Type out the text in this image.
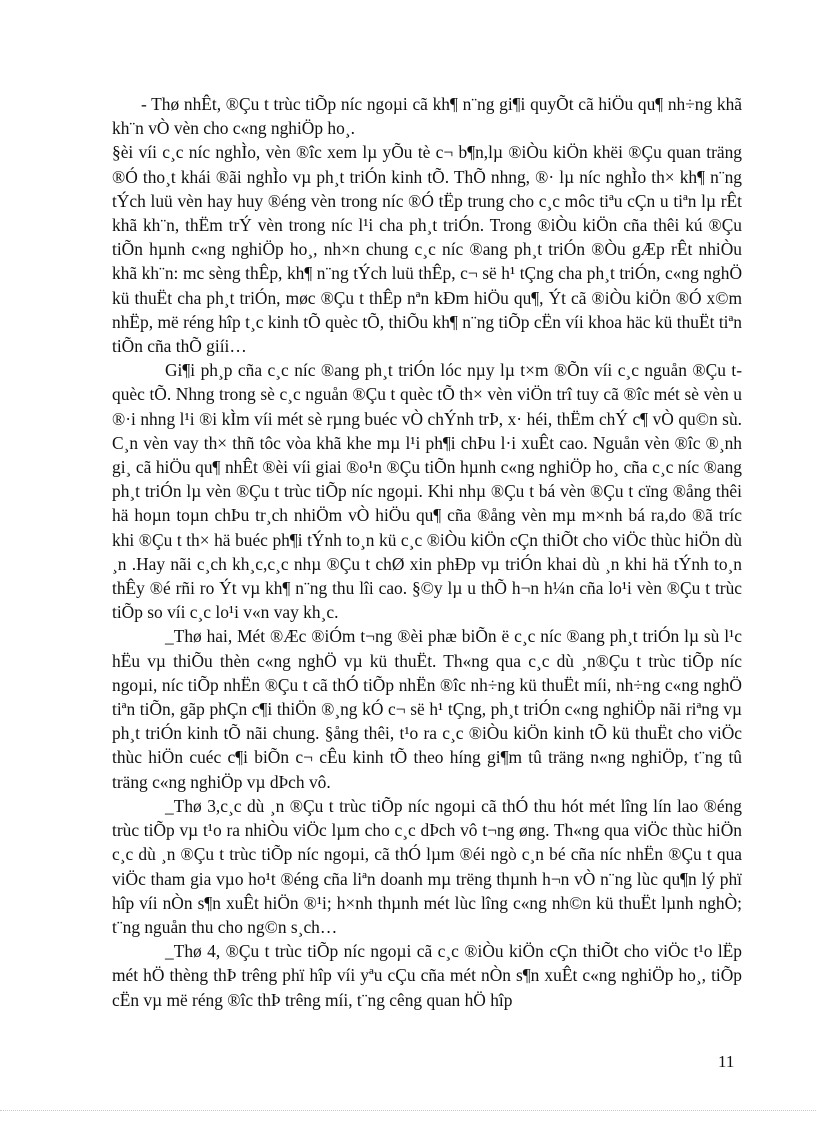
- Thø nhÊt, ®Çu t trùc tiÕp níc ngoµi cã kh¶ n¨ng gi¶i quyÕt cã hiÖu qu¶ nh÷ng khã kh¨n vÒ vèn cho c«ng nghiÖp ho¸.

§èi víi c¸c níc nghÌo, vèn ®îc xem lµ yÕu tè c¬ b¶n,lµ ®iÒu kiÖn khëi ®Çu quan träng ®Ó tho¸t khái ®ãi nghÌo vµ ph¸t triÓn kinh tÕ. ThÕ nhng, ®· lµ níc nghÌo th× kh¶ n¨ng tÝch luü vèn hay huy ®éng vèn trong níc ®Ó tËp trung cho c¸c môc tiªu cÇn u tiªn lµ rÊt khã kh¨n, thËm trÝ vèn trong níc l¹i cha ph¸t triÓn. Trong ®iÒu kiÖn cña thêi kú ®Çu tiÕn hµnh c«ng nghiÖp ho¸, nh×n chung c¸c níc ®ang ph¸t triÓn ®Òu gÆp rÊt nhiÒu khã kh¨n: mc sèng thÊp, kh¶ n¨ng tÝch luü thÊp, c¬ së h¹ tÇng cha ph¸t triÓn, c«ng nghÖ kü thuËt cha ph¸t triÓn, møc ®Çu t thÊp nªn kÐm hiÖu qu¶, Ýt cã ®iÒu kiÖn ®Ó x©m nhËp, më réng hîp t¸c kinh tÕ quèc tÕ, thiÕu kh¶ n¨ng tiÕp cËn víi khoa häc kü thuËt tiªn tiÕn cña thÕ giíi…

Gi¶i ph¸p cña c¸c níc ®ang ph¸t triÓn lóc nµy lµ t×m ®Õn víi c¸c nguån ®Çu t quèc tÕ. Nhng trong sè c¸c nguån ®Çu t quèc tÕ th× vèn viÖn trî tuy cã ®îc mét sè vèn u ®·i nhng l¹i ®i kÌm víi mét sè rµng buéc vÒ chÝnh trÞ, x· héi, thËm chÝ c¶ vÒ qu©n sù. C¸n vèn vay th× thñ tôc vòa khã khe mµ l¹i ph¶i chÞu l·i xuÊt cao. Nguån vèn ®îc ®¸nh gi¸ cã hiÖu qu¶ nhÊt ®èi víi giai ®o¹n ®Çu tiÕn hµnh c«ng nghiÖp ho¸ cña c¸c níc ®ang ph¸t triÓn lµ vèn ®Çu t trùc tiÕp níc ngoµi. Khi nhµ ®Çu t bá vèn ®Çu t cïng ®ång thêi hä hoµn toµn chÞu tr¸ch nhiÖm vÒ hiÖu qu¶ cña ®ång vèn mµ m×nh bá ra,do ®ã tríc khi ®Çu t th× hä buéc ph¶i tÝnh to¸n kü c¸c ®iÒu kiÖn cÇn thiÕt cho viÖc thùc hiÖn dù ¸n .Hay nãi c¸ch kh¸c,c¸c nhµ ®Çu t chØ xin phÐp vµ triÓn khai dù ¸n khi hä tÝnh to¸n thÊy ®é rñi ro Ýt vµ kh¶ n¨ng thu lîi cao. §©y lµ u thÕ h¬n h¼n cña lo¹i vèn ®Çu t trùc tiÕp so víi c¸c lo¹i v«n vay kh¸c.

_Thø hai, Mét ®Æc ®iÓm t¬ng ®èi phæ biÕn ë c¸c níc ®ang ph¸t triÓn lµ sù l¹c hËu vµ thiÕu thèn c«ng nghÖ vµ kü thuËt. Th«ng qua c¸c dù ¸n®Çu t trùc tiÕp níc ngoµi, níc tiÕp nhËn ®Çu t cã thÓ tiÕp nhËn ®îc nh÷ng kü thuËt míi, nh÷ng c«ng nghÖ tiªn tiÕn, gãp phÇn c¶i thiÖn ®¸ng kÓ c¬ së h¹ tÇng, ph¸t triÓn c«ng nghiÖp nãi riªng vµ ph¸t triÓn kinh tÕ nãi chung. §ång thêi, t¹o ra c¸c ®iÒu kiÖn kinh tÕ kü thuËt cho viÖc thùc hiÖn cuéc c¶i biÕn c¬ cÊu kinh tÕ theo híng gi¶m tû träng n«ng nghiÖp, t¨ng tû träng c«ng nghiÖp vµ dÞch vô.

_Thø 3,c¸c dù ¸n ®Çu t trùc tiÕp níc ngoµi cã thÓ thu hót mét lîng lín lao ®éng trùc tiÕp vµ t¹o ra nhiÒu viÖc lµm cho c¸c dÞch vô t¬ng øng. Th«ng qua viÖc thùc hiÖn c¸c dù ¸n ®Çu t trùc tiÕp níc ngoµi, cã thÓ lµm ®éi ngò c¸n bé cña níc nhËn ®Çu t qua viÖc tham gia vµo ho¹t ®éng cña liªn doanh mµ trëng thµnh h¬n vÒ n¨ng lùc qu¶n lý phï hîp víi nÒn s¶n xuÊt hiÖn ®¹i; h×nh thµnh mét lùc lîng c«ng nh©n kü thuËt lµnh nghÒ; t¨ng nguån thu cho ng©n s¸ch…

_Thø 4, ®Çu t trùc tiÕp níc ngoµi cã c¸c ®iÒu kiÖn cÇn thiÕt cho viÖc t¹o lËp mét hÖ thèng thÞ trêng phï hîp víi yªu cÇu cña mét nÒn s¶n xuÊt c«ng nghiÖp ho¸, tiÕp cËn vµ më réng ®îc thÞ trêng míi, t¨ng cêng quan hÖ hîp

11
